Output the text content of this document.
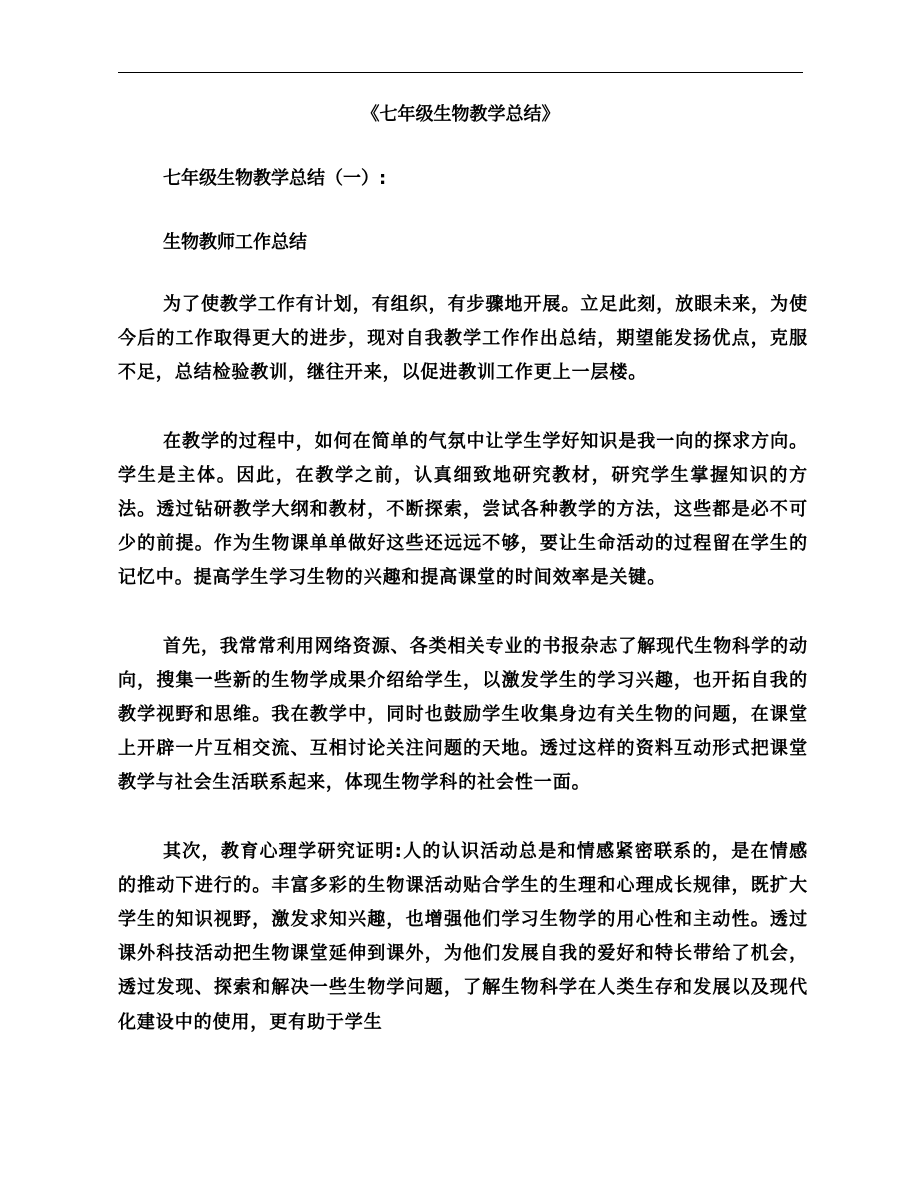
《七年级生物教学总结》
七年级生物教学总结（一）:
生物教师工作总结

为了使教学工作有计划，有组织，有步骤地开展。立足此刻，放眼未来，为使今后的工作取得更大的进步，现对自我教学工作作出总结，期望能发扬优点，克服不足，总结检验教训，继往开来，以促进教训工作更上一层楼。

在教学的过程中，如何在简单的气氛中让学生学好知识是我一向的探求方向。学生是主体。因此，在教学之前，认真细致地研究教材，研究学生掌握知识的方法。透过钻研教学大纲和教材，不断探索，尝试各种教学的方法，这些都是必不可少的前提。作为生物课单单做好这些还远远不够，要让生命活动的过程留在学生的记忆中。提高学生学习生物的兴趣和提高课堂的时间效率是关键。

首先，我常常利用网络资源、各类相关专业的书报杂志了解现代生物科学的动向，搜集一些新的生物学成果介绍给学生，以激发学生的学习兴趣，也开拓自我的教学视野和思维。我在教学中，同时也鼓励学生收集身边有关生物的问题，在课堂上开辟一片互相交流、互相讨论关注问题的天地。透过这样的资料互动形式把课堂教学与社会生活联系起来，体现生物学科的社会性一面。

其次，教育心理学研究证明:人的认识活动总是和情感紧密联系的，是在情感的推动下进行的。丰富多彩的生物课活动贴合学生的生理和心理成长规律，既扩大学生的知识视野，激发求知兴趣，也增强他们学习生物学的用心性和主动性。透过课外科技活动把生物课堂延伸到课外，为他们发展自我的爱好和特长带给了机会，透过发现、探索和解决一些生物学问题，了解生物科学在人类生存和发展以及现代化建设中的使用，更有助于学生
